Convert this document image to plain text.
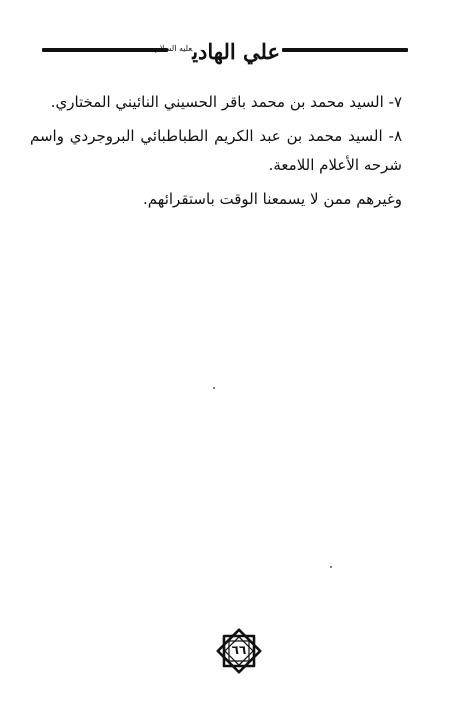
علي الهادي$^{عليه السلام}$

٧- السيد محمد بن محمد باقر الحسيني النائيني المختاري.

٨- السيد محمد بن عبد الكريم الطباطبائي البروجردي واسم شرحه الأعلام اللامعة.

وغيرهم ممن لا يسمعنا الوقت باستقرائهم.

٦٦
